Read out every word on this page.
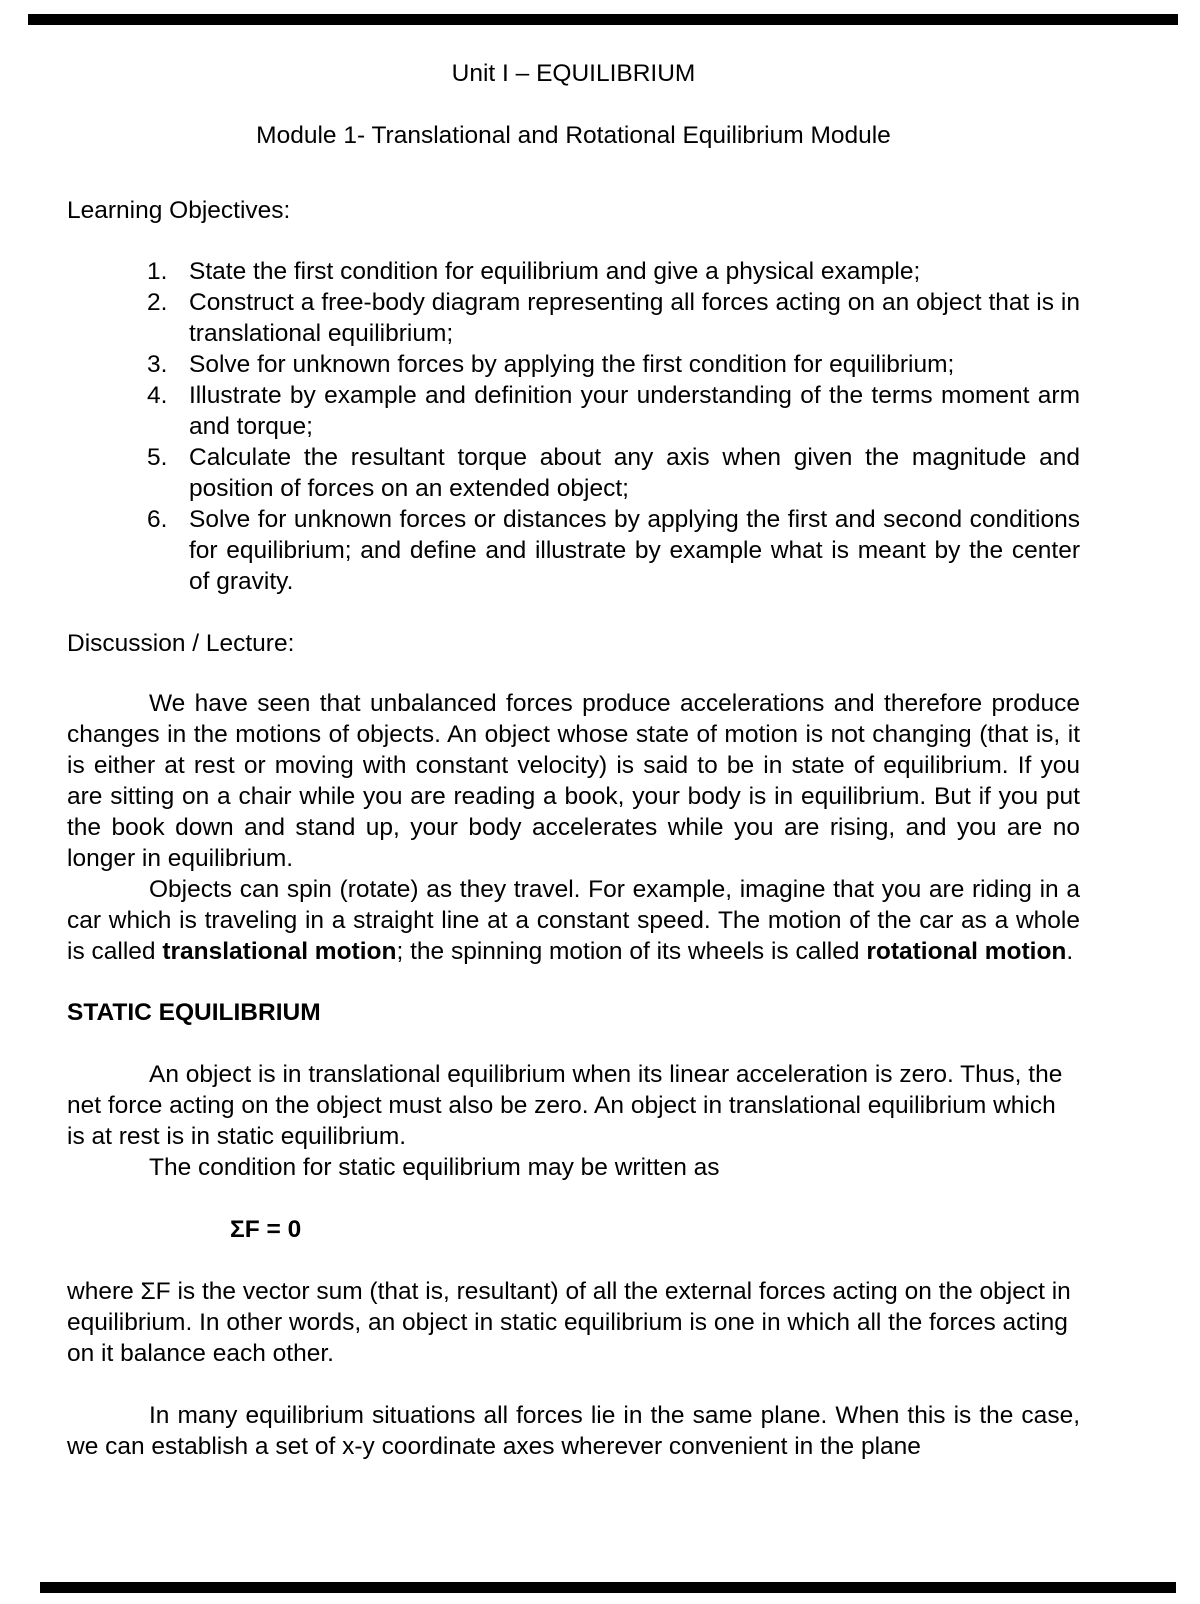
Unit I – EQUILIBRIUM

Module 1- Translational and Rotational Equilibrium Module

Learning Objectives:

1. State the first condition for equilibrium and give a physical example;
2. Construct a free-body diagram representing all forces acting on an object that is in translational equilibrium;
3. Solve for unknown forces by applying the first condition for equilibrium;
4. Illustrate by example and definition your understanding of the terms moment arm and torque;
5. Calculate the resultant torque about any axis when given the magnitude and position of forces on an extended object;
6. Solve for unknown forces or distances by applying the first and second conditions for equilibrium; and define and illustrate by example what is meant by the center of gravity.

Discussion / Lecture:

We have seen that unbalanced forces produce accelerations and therefore produce changes in the motions of objects. An object whose state of motion is not changing (that is, it is either at rest or moving with constant velocity) is said to be in state of equilibrium. If you are sitting on a chair while you are reading a book, your body is in equilibrium. But if you put the book down and stand up, your body accelerates while you are rising, and you are no longer in equilibrium.

Objects can spin (rotate) as they travel. For example, imagine that you are riding in a car which is traveling in a straight line at a constant speed. The motion of the car as a whole is called translational motion; the spinning motion of its wheels is called rotational motion.

STATIC EQUILIBRIUM

An object is in translational equilibrium when its linear acceleration is zero. Thus, the net force acting on the object must also be zero. An object in translational equilibrium which is at rest is in static equilibrium.

The condition for static equilibrium may be written as

ΣF = 0

where ΣF is the vector sum (that is, resultant) of all the external forces acting on the object in equilibrium. In other words, an object in static equilibrium is one in which all the forces acting on it balance each other.

In many equilibrium situations all forces lie in the same plane. When this is the case, we can establish a set of x-y coordinate axes wherever convenient in the plane
